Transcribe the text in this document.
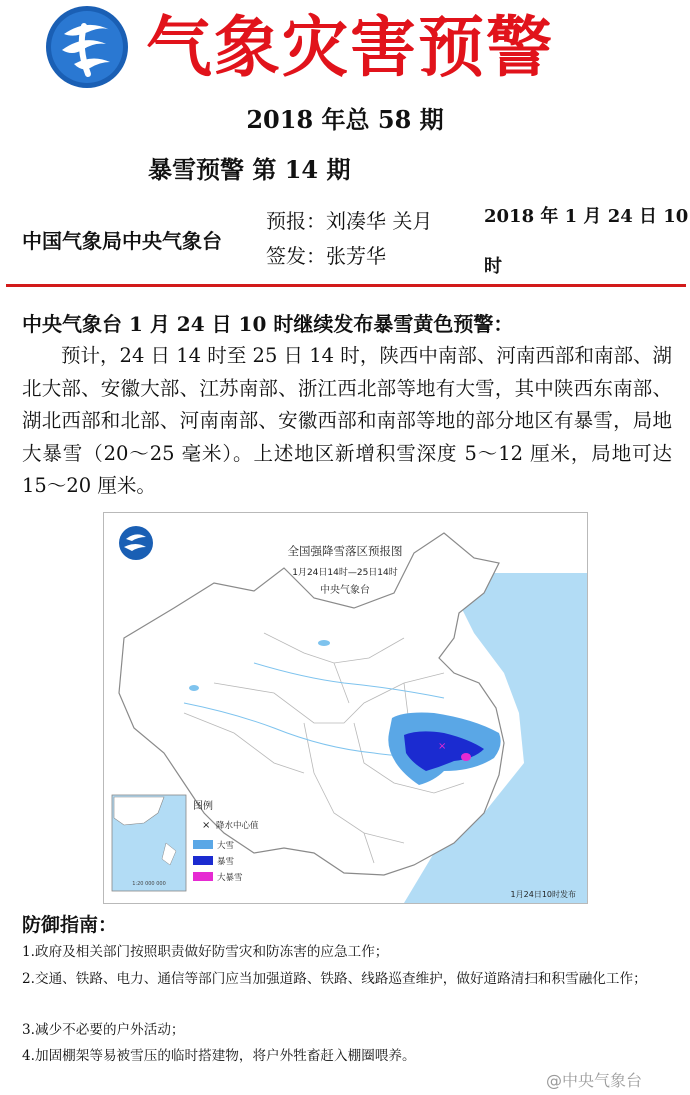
气象灾害预警
2018 年总 58 期
暴雪预警 第 14 期
中国气象局中央气象台
预报：刘凑华 关月
签发：张芳华
2018 年 1 月 24 日 10
时
中央气象台 1 月 24 日 10 时继续发布暴雪黄色预警：
预计，24 日 14 时至 25 日 14 时，陕西中南部、河南西部和南部、湖北大部、安徽大部、江苏南部、浙江西北部等地有大雪，其中陕西东南部、湖北西部和北部、河南南部、安徽西部和南部等地的部分地区有暴雪，局地大暴雪（20～25 毫米）。上述地区新增积雪深度 5～12 厘米，局地可达 15～20 厘米。
×
全国强降雪落区预报图
1月24日14时—25日14时
中央气象台
1:20 000 000
图例
× 降水中心值
大雪
暴雪
大暴雪
1月24日10时发布
防御指南：
1.政府及相关部门按照职责做好防雪灾和防冻害的应急工作；
2.交通、铁路、电力、通信等部门应当加强道路、铁路、线路巡查维护，做好道路清扫和积雪融化工作；
3.减少不必要的户外活动；
4.加固棚架等易被雪压的临时搭建物，将户外牲畜赶入棚圈喂养。
@中央气象台
